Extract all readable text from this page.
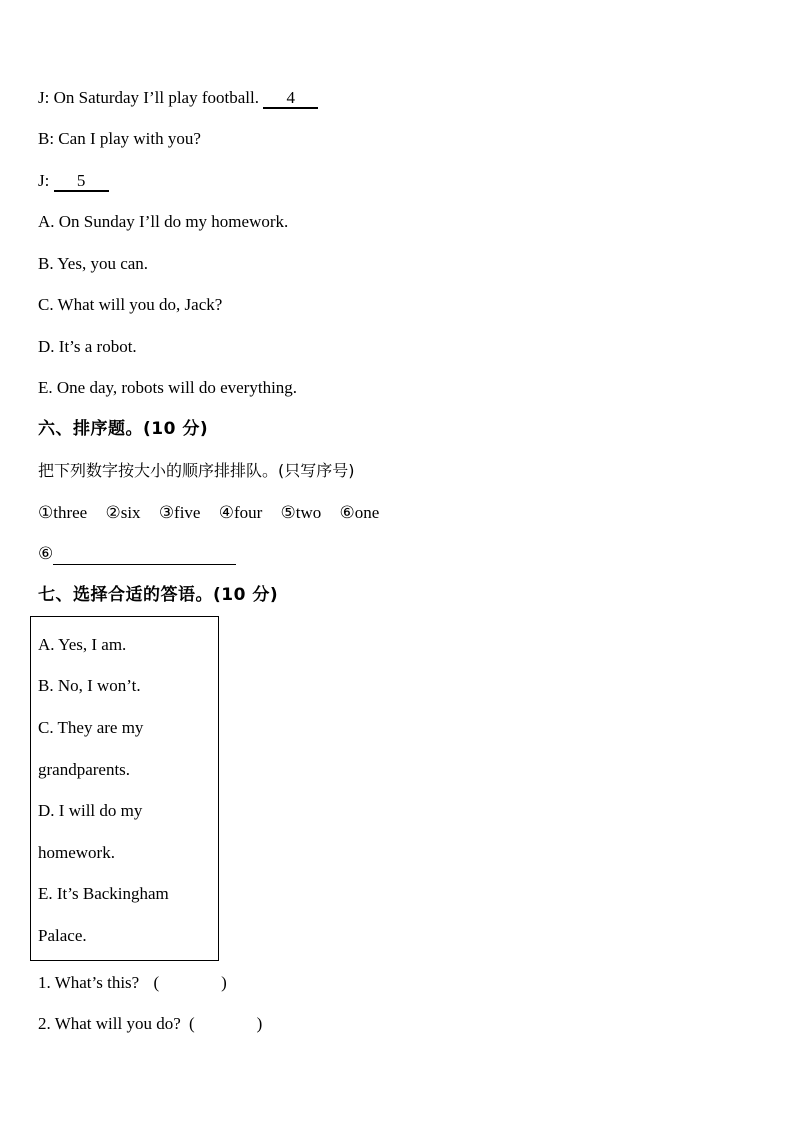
J: On Saturday I’ll play football.      4
B: Can I play with you?
J:      5
A. On Sunday I’ll do my homework.
B. Yes, you can.
C. What will you do, Jack?
D. It’s a robot.
E. One day, robots will do everything.
六、排序题。(10 分)
把下列数字按大小的顺序排排队。(只写序号)
①three ②six ③five ④four ⑤two ⑥one
⑥
七、选择合适的答语。(10 分)
A. Yes, I am.
B. No, I won’t.
C. They are my
grandparents.
D. I will do my
homework.
E. It’s Backingham
Palace.
1. What’s this? (	)
2. What will you do? (	)
